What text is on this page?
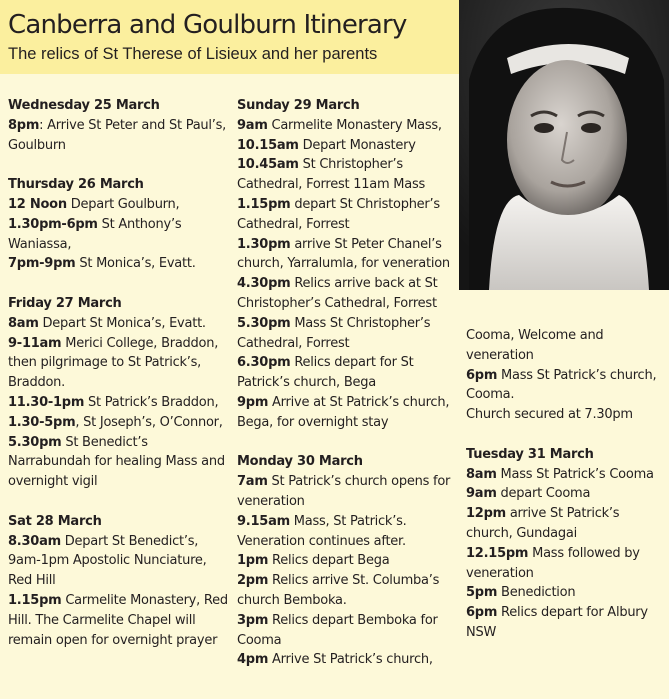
Canberra and Goulburn Itinerary

The relics of St Therese of Lisieux and her parents

Wednesday 25 March
8pm: Arrive St Peter and St Paul’s, Goulburn
Thursday 26 March
12 Noon Depart Goulburn,
1.30pm-6pm St Anthony’s Waniassa,
7pm-9pm St Monica’s, Evatt.
Friday 27 March
8am Depart St Monica’s, Evatt.
9-11am Merici College, Braddon, then pilgrimage to St Patrick’s, Braddon.
11.30-1pm St Patrick’s Braddon,
1.30-5pm, St Joseph’s, O’Connor,
5.30pm St Benedict’s Narrabundah for healing Mass and overnight vigil
Sat 28 March
8.30am Depart St Benedict’s, 9am-1pm Apostolic Nunciature, Red Hill
1.15pm Carmelite Monastery, Red Hill. The Carmelite Chapel will remain open for overnight prayer
Sunday 29 March
9am Carmelite Monastery Mass,
10.15am Depart Monastery
10.45am St Christopher’s Cathedral, Forrest 11am Mass
1.15pm depart St Christopher’s Cathedral, Forrest
1.30pm arrive St Peter Chanel’s church, Yarralumla, for veneration
4.30pm Relics arrive back at St Christopher’s Cathedral, Forrest
5.30pm Mass St Christopher’s Cathedral, Forrest
6.30pm Relics depart for St Patrick’s church, Bega
9pm Arrive at St Patrick’s church, Bega, for overnight stay
Monday 30 March
7am St Patrick’s church opens for veneration
9.15am Mass, St Patrick’s. Veneration continues after.
1pm Relics depart Bega
2pm Relics arrive St. Columba’s church Bemboka.
3pm Relics depart Bemboka for Cooma
4pm Arrive St Patrick’s church,
Cooma, Welcome and veneration
6pm Mass St Patrick’s church, Cooma.
Church secured at 7.30pm
Tuesday 31 March
8am Mass St Patrick’s Cooma
9am depart Cooma
12pm arrive St Patrick’s church, Gundagai
12.15pm Mass followed by veneration
5pm Benediction
6pm Relics depart for Albury NSW
